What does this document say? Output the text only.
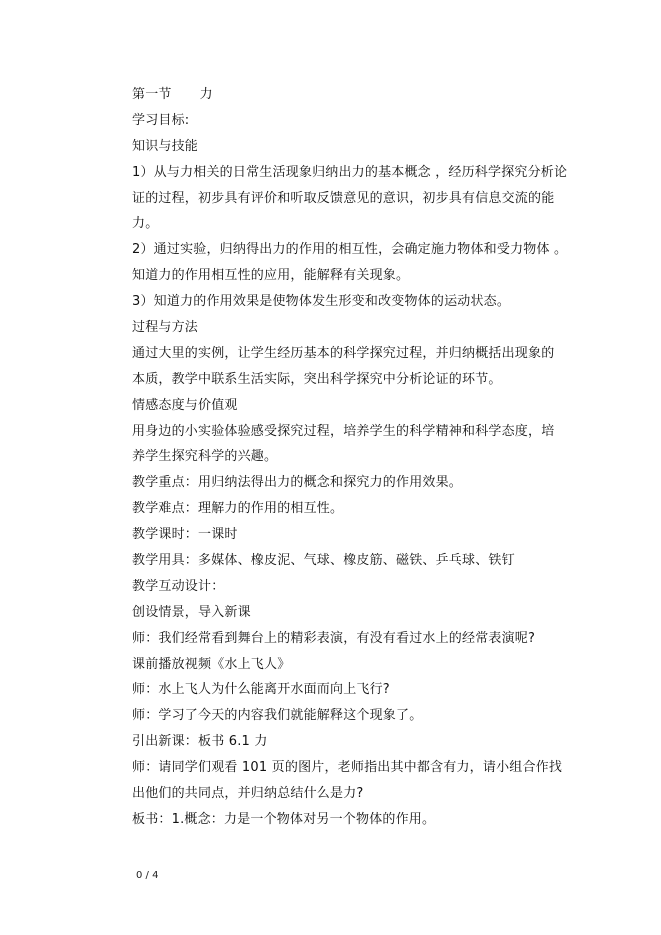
第一节 力
学习目标:
知识与技能
1）从与力相关的日常生活现象归纳出力的基本概念 ，经历科学探究分析论
证的过程，初步具有评价和听取反馈意见的意识，初步具有信息交流的能
力。
2）通过实验，归纳得出力的作用的相互性，会确定施力物体和受力物体 。
知道力的作用相互性的应用，能解释有关现象。
3）知道力的作用效果是使物体发生形变和改变物体的运动状态。
过程与方法
通过大里的实例，让学生经历基本的科学探究过程，并归纳概括出现象的
本质，教学中联系生活实际，突出科学探究中分析论证的环节。
情感态度与价值观
用身边的小实验体验感受探究过程，培养学生的科学精神和科学态度，培
养学生探究科学的兴趣。
教学重点：用归纳法得出力的概念和探究力的作用效果。
教学难点：理解力的作用的相互性。
教学课时：一课时
教学用具：多媒体、橡皮泥、气球、橡皮筋、磁铁、乒乓球、铁钉
教学互动设计：
创设情景，导入新课
师：我们经常看到舞台上的精彩表演，有没有看过水上的经常表演呢?
课前播放视频《水上飞人》
师：水上飞人为什么能离开水面而向上飞行?
师：学习了今天的内容我们就能解释这个现象了。
引出新课：板书 6.1 力
师：请同学们观看 101 页的图片，老师指出其中都含有力，请小组合作找
出他们的共同点，并归纳总结什么是力?
板书：1.概念：力是一个物体对另一个物体的作用。
0 / 4
